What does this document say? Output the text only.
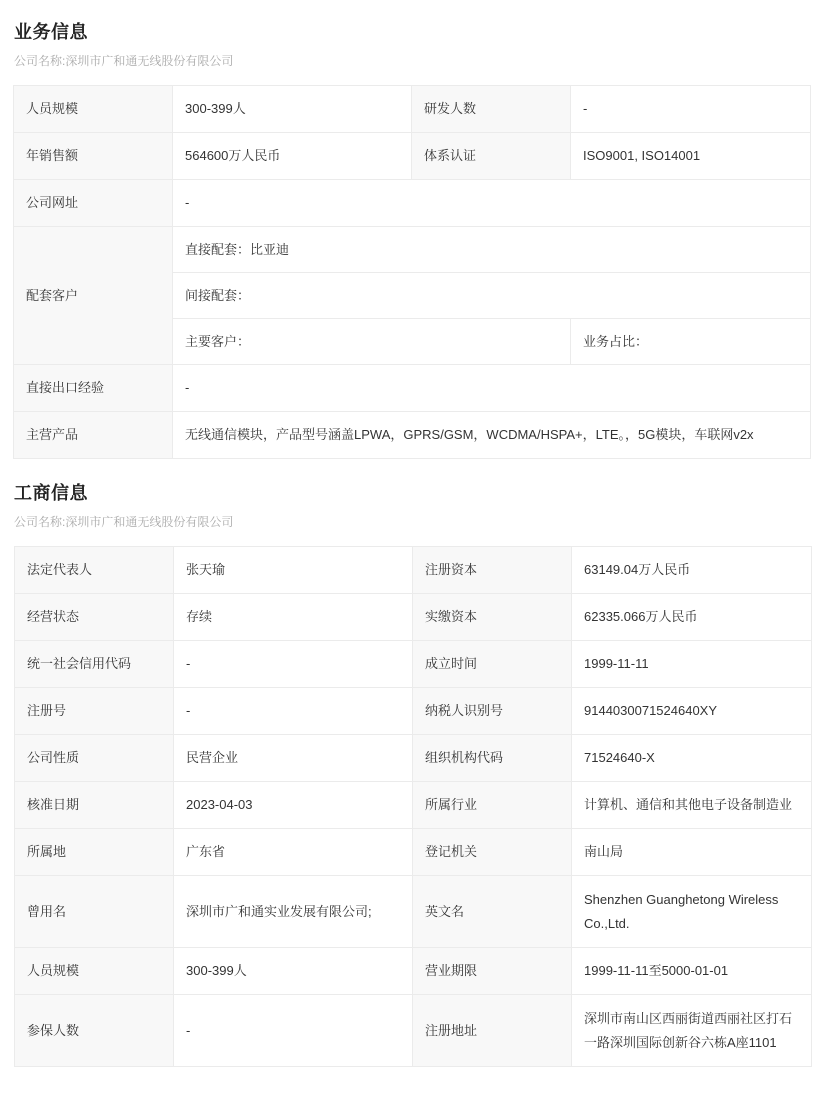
业务信息
公司名称:深圳市广和通无线股份有限公司
人员规模	300-399人	研发人数	-
年销售额	564600万人民币	体系认证	ISO9001, ISO14001
公司网址	-		
配套客户	直接配套：比亚迪		
	间接配套：		
	主要客户：		业务占比：
直接出口经验	-		
主营产品	无线通信模块，产品型号涵盖LPWA，GPRS/GSM，WCDMA/HSPA+，LTE。，5G模块，车联网v2x		
工商信息
公司名称:深圳市广和通无线股份有限公司
法定代表人	张天瑜	注册资本	63149.04万人民币
经营状态	存续	实缴资本	62335.066万人民币
统一社会信用代码	-	成立时间	1999-11-11
注册号	-	纳税人识别号	9144030071524640XY
公司性质	民营企业	组织机构代码	71524640-X
核准日期	2023-04-03	所属行业	计算机、通信和其他电子设备制造业
所属地	广东省	登记机关	南山局
曾用名	深圳市广和通实业发展有限公司;	英文名	Shenzhen Guanghetong Wireless Co.,Ltd.
人员规模	300-399人	营业期限	1999-11-11至5000-01-01
参保人数	-	注册地址	深圳市南山区西丽街道西丽社区打石一路深圳国际创新谷六栋A座1101
